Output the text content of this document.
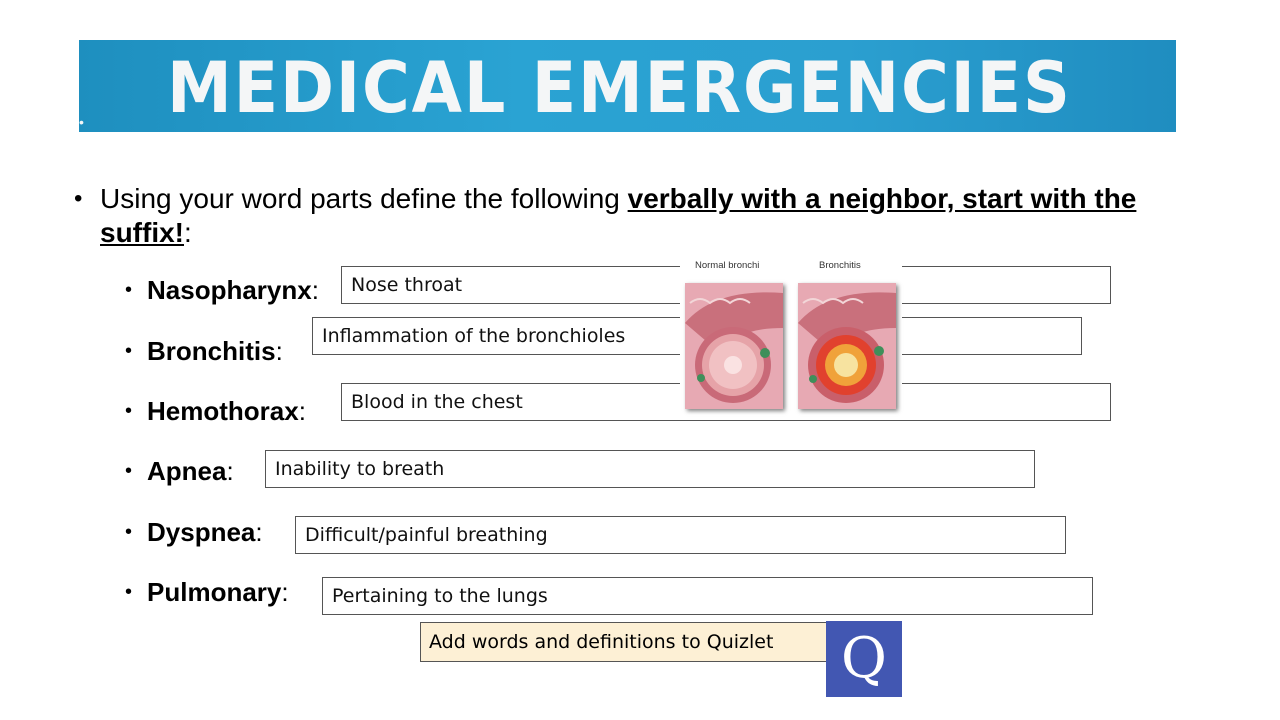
• MEDICAL EMERGENCIES
• Using your word parts define the following verbally with a neighbor, start with the suffix!:
• Nasopharynx:
• Bronchitis:
• Hemothorax:
• Apnea:
• Dyspnea:
• Pulmonary:
Nose throat
Inflammation of the bronchioles
Blood in the chest
Inability to breath
Difficult/painful breathing
Pertaining to the lungs
Normal bronchi	Bronchitis
Add words and definitions to Quizlet	Q
